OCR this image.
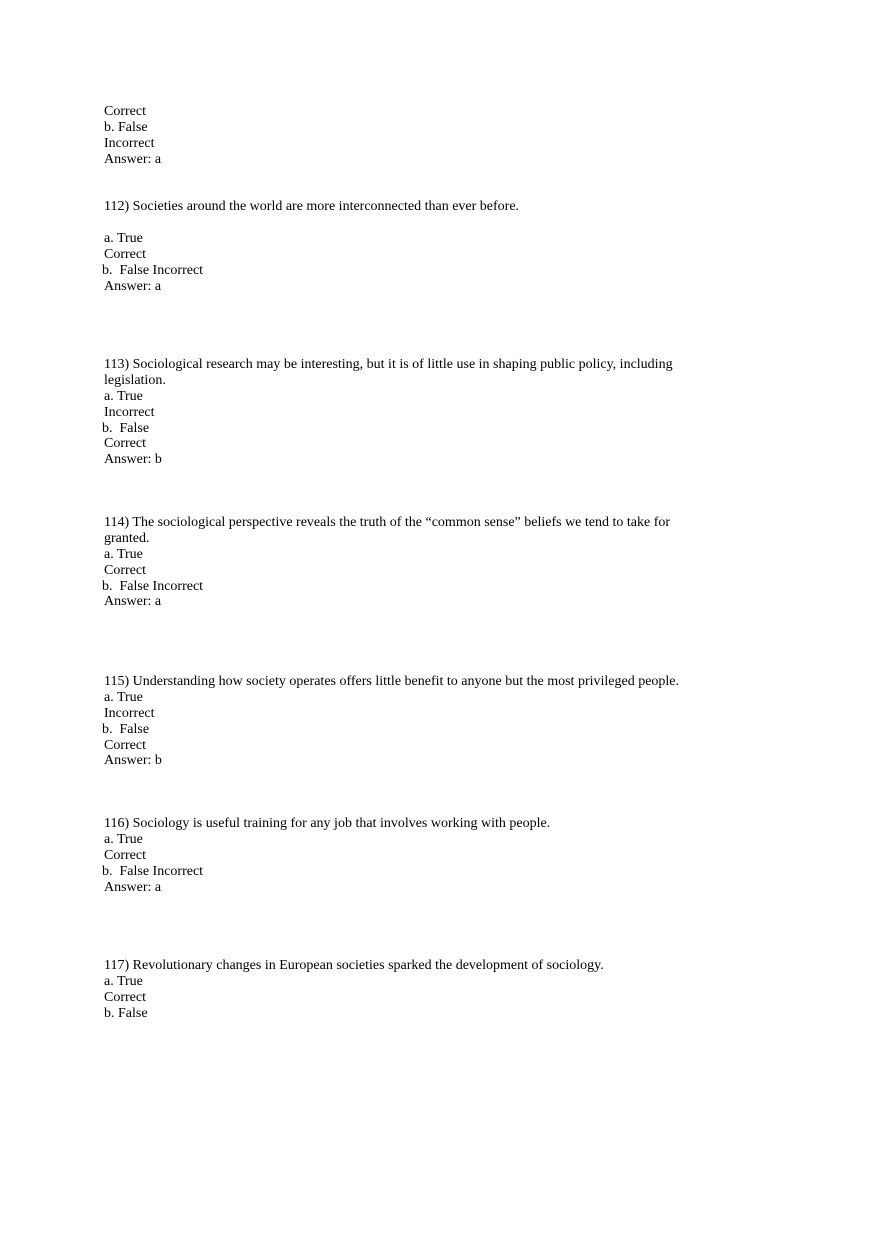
Correct
b. False
Incorrect
Answer: a
112) Societies around the world are more interconnected than ever before.
a. True
Correct
b.  False Incorrect
Answer: a
113) Sociological research may be interesting, but it is of little use in shaping public policy, including
legislation.
a. True
Incorrect
b.  False
Correct
Answer: b
114) The sociological perspective reveals the truth of the “common sense” beliefs we tend to take for
granted.
a. True
Correct
b.  False Incorrect
Answer: a
115) Understanding how society operates offers little benefit to anyone but the most privileged people.
a. True
Incorrect
b.  False
Correct
Answer: b
116) Sociology is useful training for any job that involves working with people.
a. True
Correct
b.  False Incorrect
Answer: a
117) Revolutionary changes in European societies sparked the development of sociology.
a. True
Correct
b. False
